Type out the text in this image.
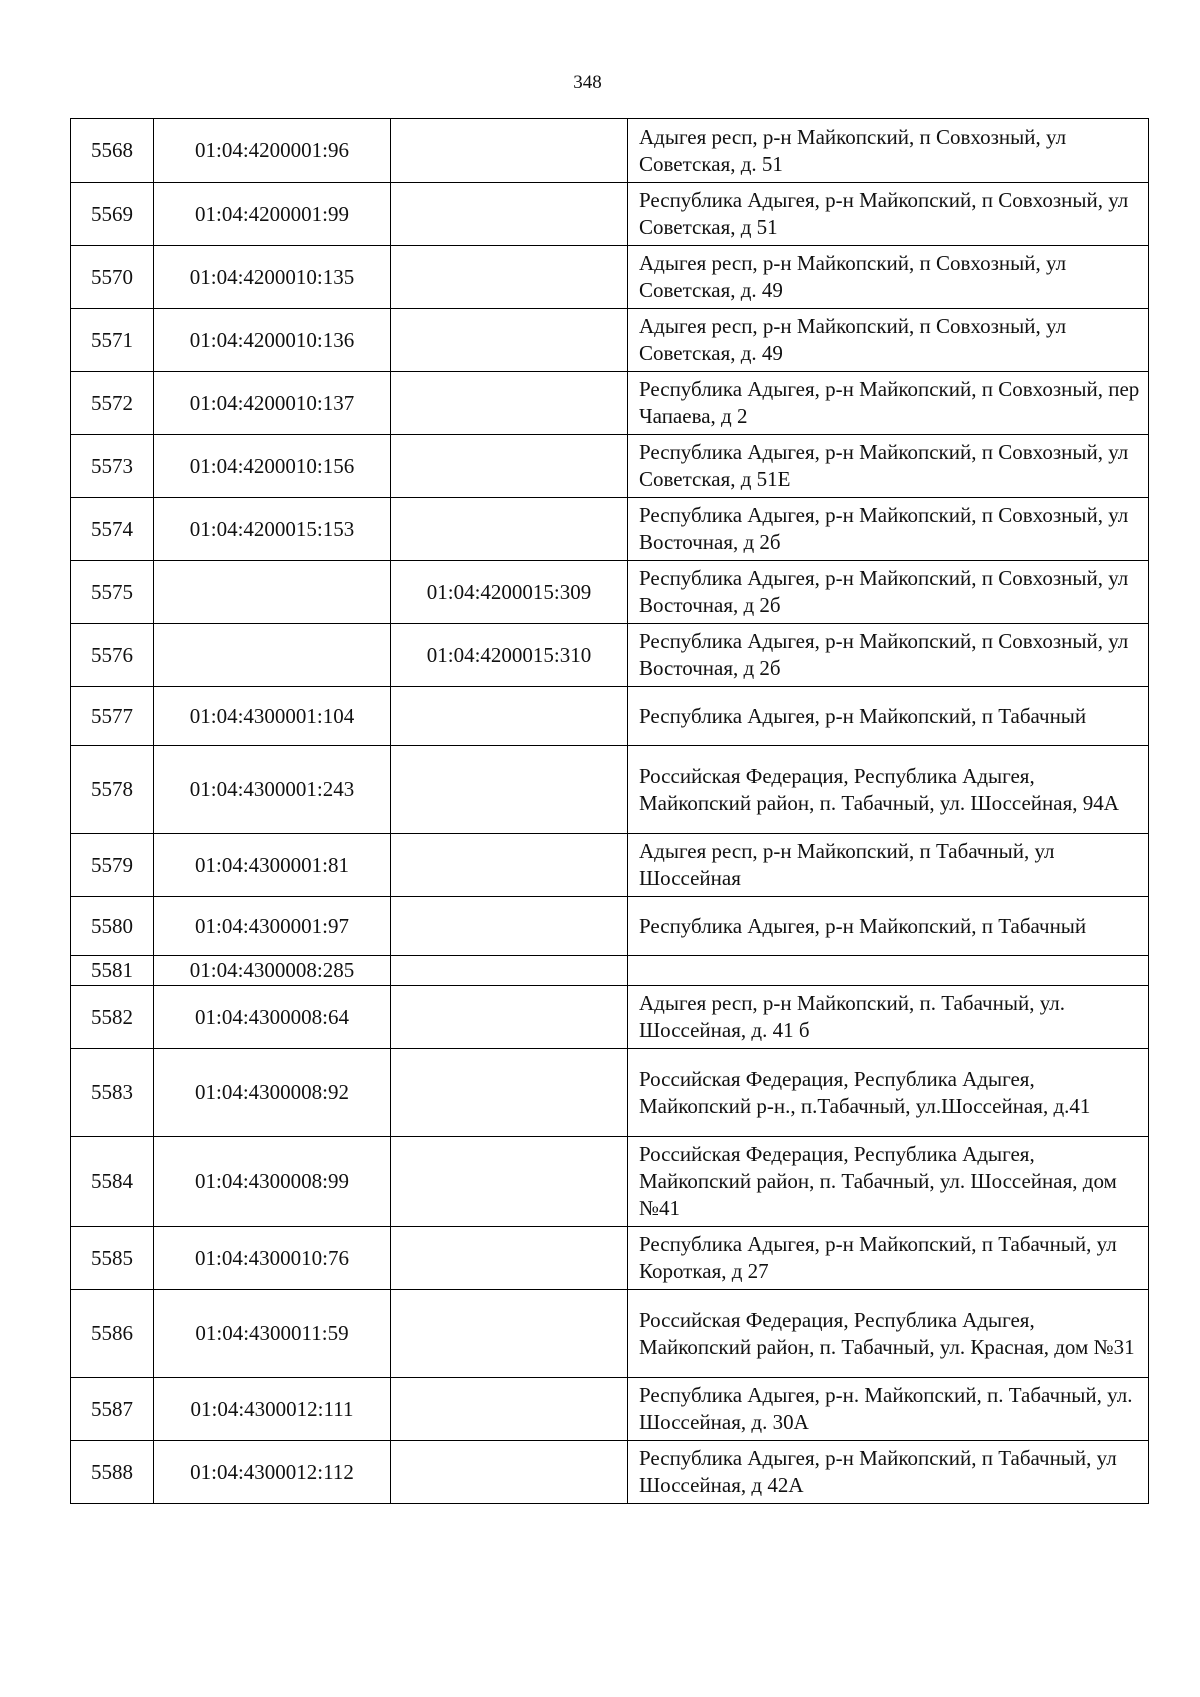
348
5568	01:04:4200001:96		Адыгея респ, р-н Майкопский, п Совхозный, ул Советская, д. 51
5569	01:04:4200001:99		Республика Адыгея, р-н Майкопский, п Совхозный, ул Советская, д 51
5570	01:04:4200010:135		Адыгея респ, р-н Майкопский, п Совхозный, ул Советская, д. 49
5571	01:04:4200010:136		Адыгея респ, р-н Майкопский, п Совхозный, ул Советская, д. 49
5572	01:04:4200010:137		Республика Адыгея, р-н Майкопский, п Совхозный, пер Чапаева, д 2
5573	01:04:4200010:156		Республика Адыгея, р-н Майкопский, п Совхозный, ул Советская, д 51Е
5574	01:04:4200015:153		Республика Адыгея, р-н Майкопский, п Совхозный, ул Восточная, д 2б
5575		01:04:4200015:309	Республика Адыгея, р-н Майкопский, п Совхозный, ул Восточная, д 2б
5576		01:04:4200015:310	Республика Адыгея, р-н Майкопский, п Совхозный, ул Восточная, д 2б
5577	01:04:4300001:104		Республика Адыгея, р-н Майкопский, п Табачный
5578	01:04:4300001:243		Российская Федерация, Республика Адыгея, Майкопский район, п. Табачный, ул. Шоссейная, 94А
5579	01:04:4300001:81		Адыгея респ, р-н Майкопский, п Табачный, ул Шоссейная
5580	01:04:4300001:97		Республика Адыгея, р-н Майкопский, п Табачный
5581	01:04:4300008:285		
5582	01:04:4300008:64		Адыгея респ, р-н Майкопский, п. Табачный, ул. Шоссейная, д. 41 б
5583	01:04:4300008:92		Российская Федерация, Республика Адыгея, Майкопский р-н., п.Табачный, ул.Шоссейная, д.41
5584	01:04:4300008:99		Российская Федерация, Республика Адыгея, Майкопский район, п. Табачный, ул. Шоссейная, дом №41
5585	01:04:4300010:76		Республика Адыгея, р-н Майкопский, п Табачный, ул Короткая, д 27
5586	01:04:4300011:59		Российская Федерация, Республика Адыгея, Майкопский район, п. Табачный, ул. Красная, дом №31
5587	01:04:4300012:111		Республика Адыгея, р-н. Майкопский, п. Табачный, ул. Шоссейная, д. 30А
5588	01:04:4300012:112		Республика Адыгея, р-н Майкопский, п Табачный, ул Шоссейная, д 42А
